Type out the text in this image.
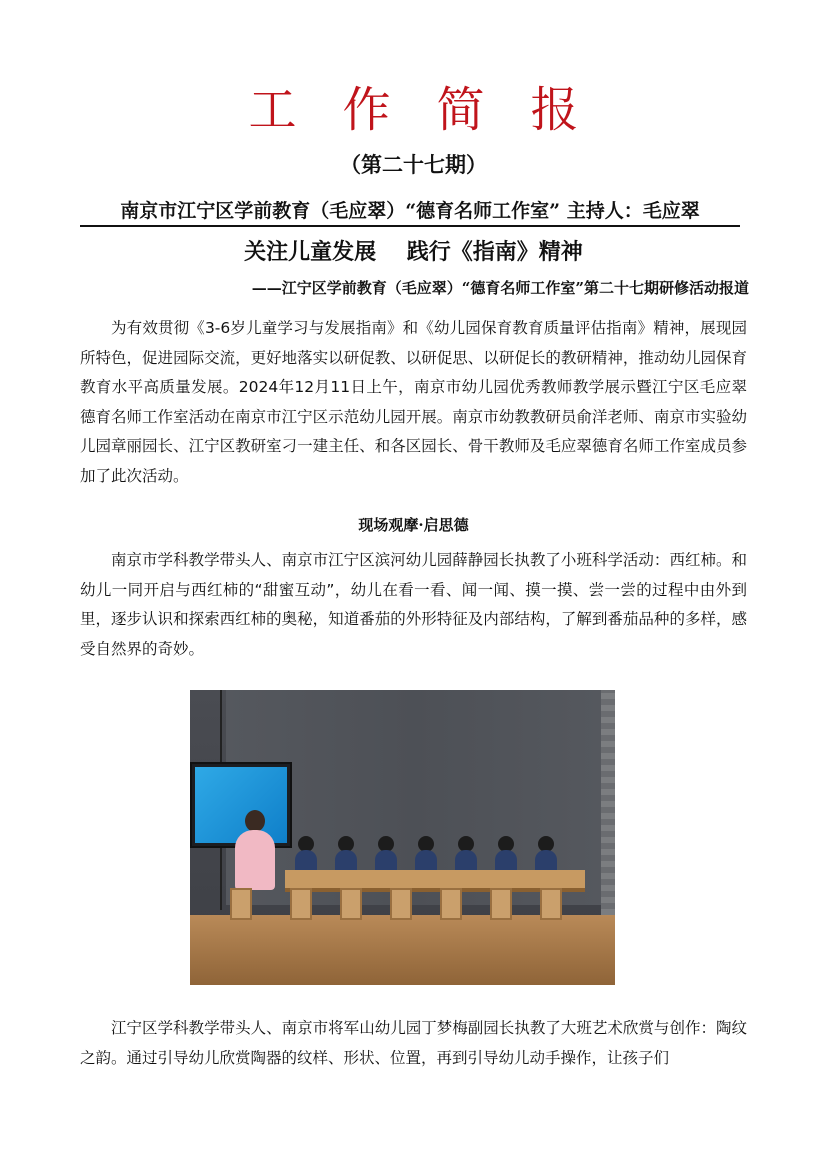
工作简报
（第二十七期）
南京市江宁区学前教育（毛应翠）“德育名师工作室” 主持人：毛应翠
关注儿童发展    践行《指南》精神
——江宁区学前教育（毛应翠）“德育名师工作室”第二十七期研修活动报道
为有效贯彻《3-6岁儿童学习与发展指南》和《幼儿园保育教育质量评估指南》精神，展现园所特色，促进园际交流，更好地落实以研促教、以研促思、以研促长的教研精神，推动幼儿园保育教育水平高质量发展。2024年12月11日上午，南京市幼儿园优秀教师教学展示暨江宁区毛应翠德育名师工作室活动在南京市江宁区示范幼儿园开展。南京市幼教教研员俞洋老师、南京市实验幼儿园章丽园长、江宁区教研室刁一建主任、和各区园长、骨干教师及毛应翠德育名师工作室成员参加了此次活动。
现场观摩·启思德
南京市学科教学带头人、南京市江宁区滨河幼儿园薛静园长执教了小班科学活动：西红柿。和幼儿一同开启与西红柿的“甜蜜互动”，幼儿在看一看、闻一闻、摸一摸、尝一尝的过程中由外到里，逐步认识和探索西红柿的奥秘，知道番茄的外形特征及内部结构，了解到番茄品种的多样，感受自然界的奇妙。
江宁区学科教学带头人、南京市将军山幼儿园丁梦梅副园长执教了大班艺术欣赏与创作：陶纹之韵。通过引导幼儿欣赏陶器的纹样、形状、位置，再到引导幼儿动手操作，让孩子们
